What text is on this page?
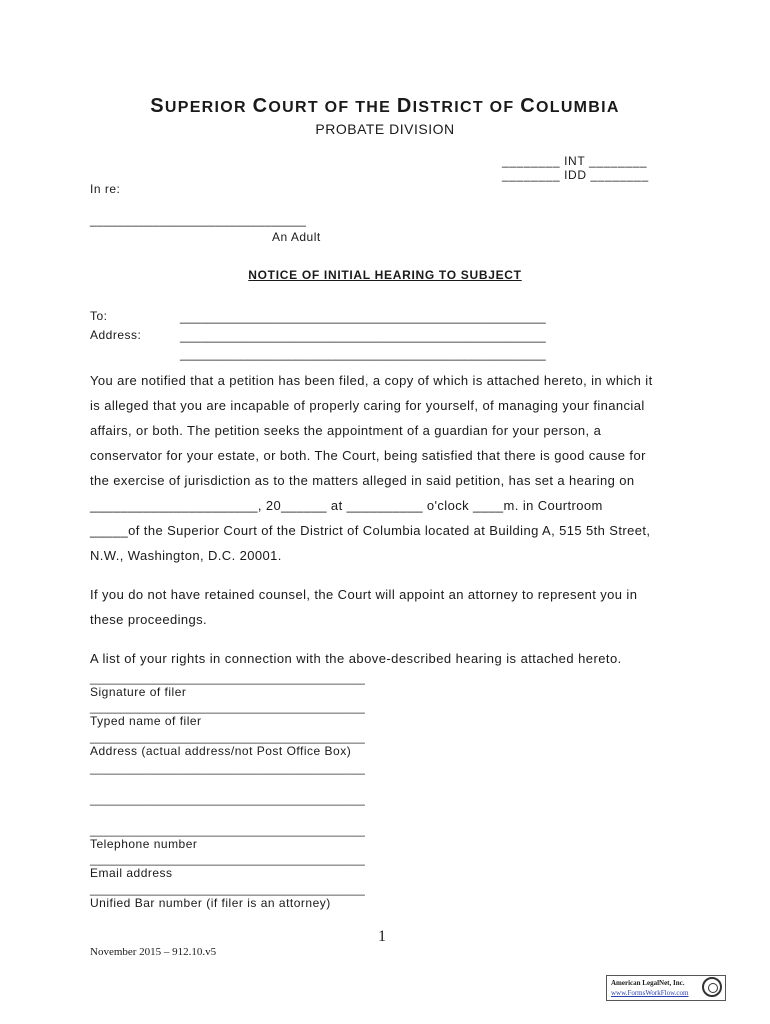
SUPERIOR COURT OF THE DISTRICT OF COLUMBIA
PROBATE DIVISION
________ INT ________
________ IDD ________
In re:
_______________________________
An Adult
NOTICE OF INITIAL HEARING TO SUBJECT
To:
Address:
______________________________________________________
______________________________________________________
______________________________________________________

You are notified that a petition has been filed, a copy of which is attached hereto, in which it

is alleged that you are incapable of properly caring for yourself, of managing your financial

affairs, or both. The petition seeks the appointment of a guardian for your person, a

conservator for your estate, or both. The Court, being satisfied that there is good cause for

the exercise of jurisdiction as to the matters alleged in said petition, has set a hearing on

______________________, 20______ at __________ o'clock ____m. in Courtroom

_____of the Superior Court of the District of Columbia located at Building A, 515 5th Street,

N.W., Washington, D.C. 20001.

If you do not have retained counsel, the Court will appoint an attorney to represent you in

these proceedings.

A list of your rights in connection with the above-described hearing is attached hereto.
________________________________________
Signature of filer
________________________________________
Typed name of filer
________________________________________
Address (actual address/not Post Office Box)
________________________________________
________________________________________
________________________________________
Telephone number
________________________________________
Email address
________________________________________
Unified Bar number (if filer is an attorney)
1
November 2015 – 912.10.v5
American LegalNet, Inc.
www.FormsWorkFlow.com
